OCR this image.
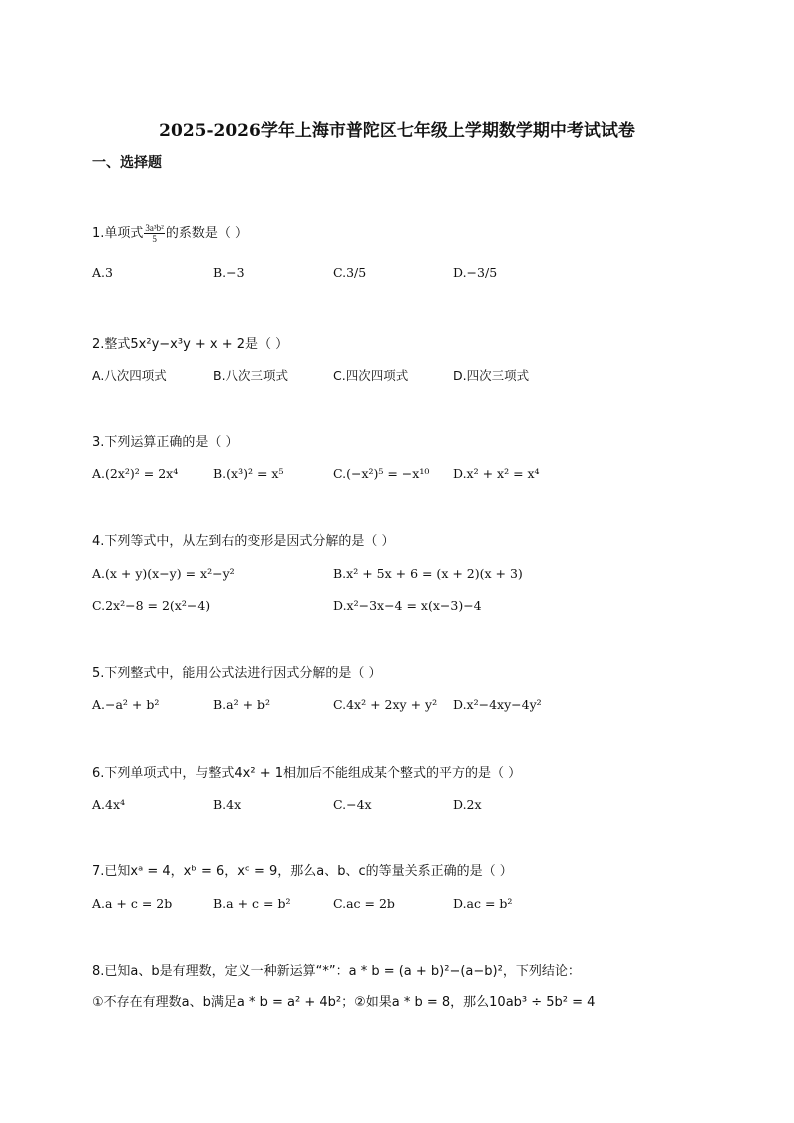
2025-2026学年上海市普陀区七年级上学期数学期中考试试卷
一、选择题
1.单项式 $\frac{\text{3a³b²}}{5}$ 的系数是（ ）
A.3	B.−3	C.3/5	D.−3/5
2.整式5x²y−x³y + x + 2是（ ）
A.八次四项式	B.八次三项式	C.四次四项式	D.四次三项式
3.下列运算正确的是（ ）
A.(2x²)² = 2x⁴	B.(x³)² = x⁵	C.(−x²)⁵ = −x¹⁰ D.x² + x² = x⁴
4.下列等式中，从左到右的变形是因式分解的是（ ）
A.(x + y)(x−y) = x²−y²	B.x² + 5x + 6 = (x + 2)(x + 3)
C.2x²−8 = 2(x²−4)	D.x²−3x−4 = x(x−3)−4
5.下列整式中，能用公式法进行因式分解的是（ ）
A.−a² + b²	B.a² + b²	C.4x² + 2xy + y² D.x²−4xy−4y²
6.下列单项式中，与整式4x² + 1相加后不能组成某个整式的平方的是（ ）
A.4x⁴	B.4x	C.−4x	D.2x
7.已知xᵃ = 4，xᵇ = 6，xᶜ = 9，那么a、b、c的等量关系正确的是（ ）
A.a + c = 2b	B.a + c = b²	C.ac = 2b	D.ac = b²
8.已知a、b是有理数，定义一种新运算“*”：a * b = (a + b)²−(a−b)²，下列结论：
①不存在有理数a、b满足a * b = a² + 4b²；②如果a * b = 8，那么10ab³ ÷ 5b² = 4
